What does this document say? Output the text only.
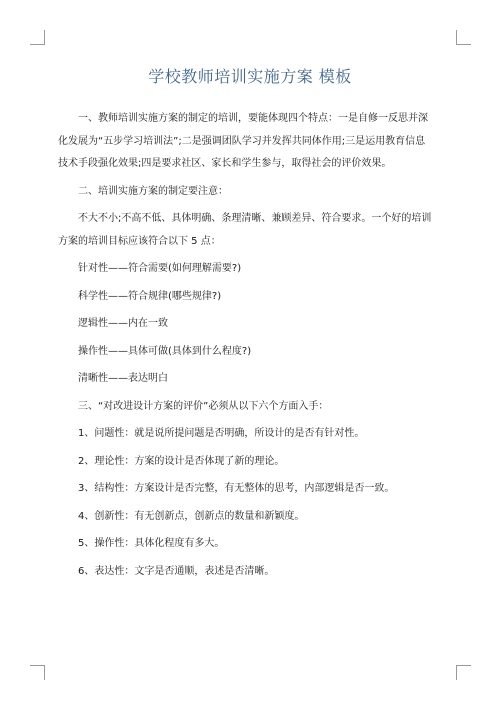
学校教师培训实施方案 模板

一、教师培训实施方案的制定的培训，要能体现四个特点：一是自修一反思并深

化发展为“五步学习培训法”;二是强调团队学习并发挥共同体作用;三是运用教育信息

技术手段强化效果;四是要求社区、家长和学生参与，取得社会的评价效果。

二、培训实施方案的制定要注意：

不大不小;不高不低、具体明确、条理清晰、兼顾差异、符合要求。一个好的培训

方案的培训目标应该符合以下 5 点：

针对性——符合需要(如何理解需要?)

科学性——符合规律(哪些规律?)

逻辑性——内在一致

操作性——具体可做(具体到什么程度?)

清晰性——表达明白

三、“对改进设计方案的评价”必须从以下六个方面入手：

1、问题性：就是说所提问题是否明确，所设计的是否有针对性。

2、理论性：方案的设计是否体现了新的理论。

3、结构性：方案设计是否完整，有无整体的思考，内部逻辑是否一致。

4、创新性：有无创新点，创新点的数量和新颖度。

5、操作性：具体化程度有多大。

6、表达性：文字是否通顺，表述是否清晰。
